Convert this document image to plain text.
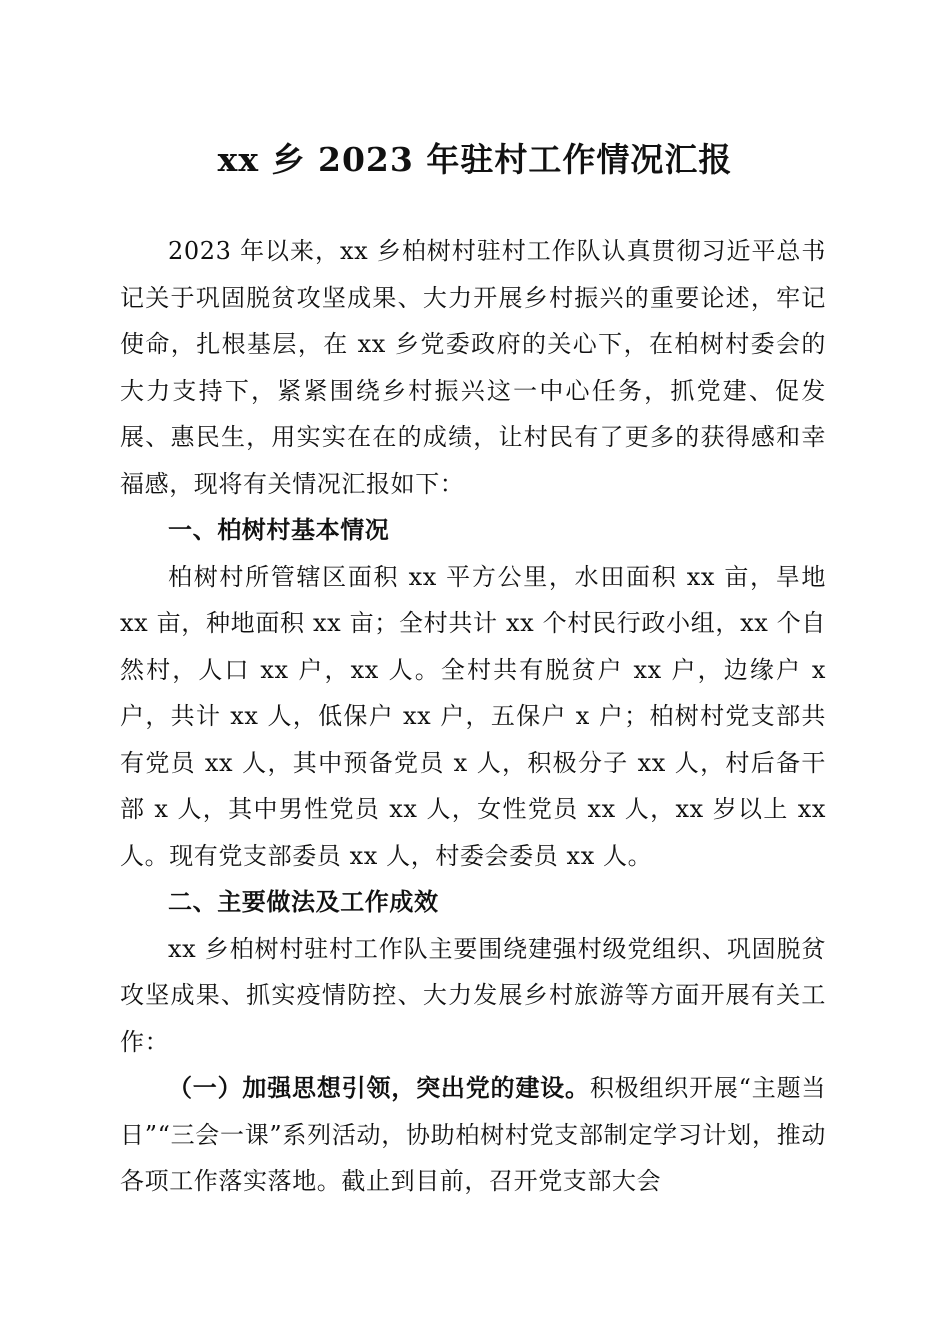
xx 乡 2023 年驻村工作情况汇报

2023 年以来，xx 乡柏树村驻村工作队认真贯彻习近平总书记关于巩固脱贫攻坚成果、大力开展乡村振兴的重要论述，牢记使命，扎根基层，在 xx 乡党委政府的关心下，在柏树村委会的大力支持下，紧紧围绕乡村振兴这一中心任务，抓党建、促发展、惠民生，用实实在在的成绩，让村民有了更多的获得感和幸福感，现将有关情况汇报如下：

一、柏树村基本情况

柏树村所管辖区面积 xx 平方公里，水田面积 xx 亩，旱地 xx 亩，种地面积 xx 亩；全村共计 xx 个村民行政小组，xx 个自然村，人口 xx 户，xx 人。全村共有脱贫户 xx 户，边缘户 x 户，共计 xx 人，低保户 xx 户，五保户 x 户；柏树村党支部共有党员 xx 人，其中预备党员 x 人，积极分子 xx 人，村后备干部 x 人，其中男性党员 xx 人，女性党员 xx 人，xx 岁以上 xx 人。现有党支部委员 xx 人，村委会委员 xx 人。

二、主要做法及工作成效

xx 乡柏树村驻村工作队主要围绕建强村级党组织、巩固脱贫攻坚成果、抓实疫情防控、大力发展乡村旅游等方面开展有关工作：

（一）加强思想引领，突出党的建设。积极组织开展“主题当日”“三会一课”系列活动，协助柏树村党支部制定学习计划，推动各项工作落实落地。截止到目前，召开党支部大会
